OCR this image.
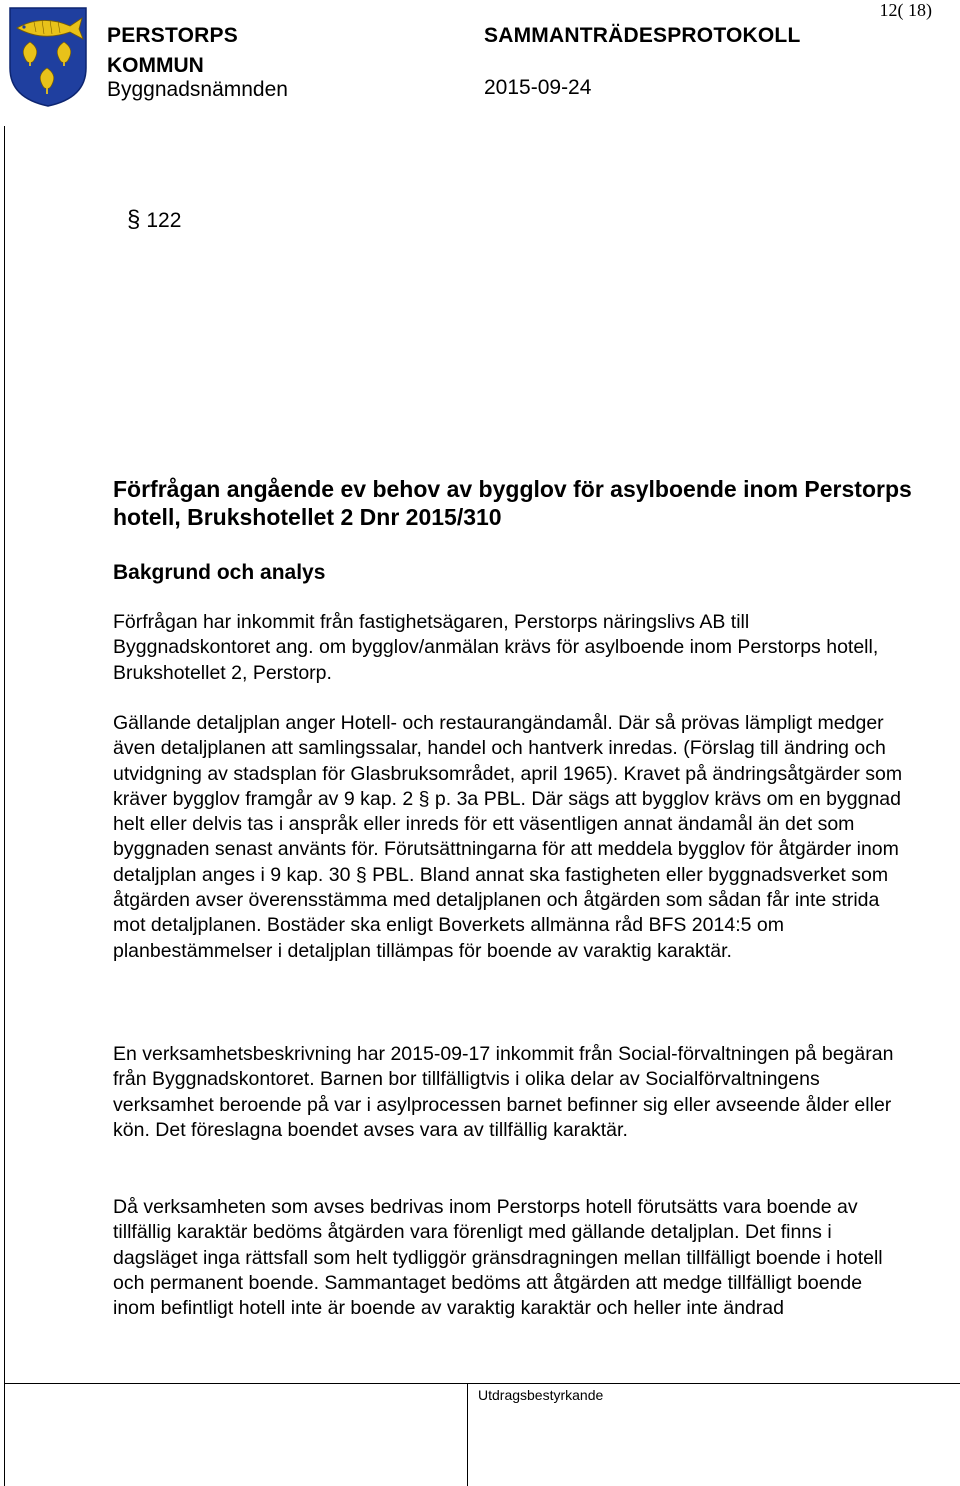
PERSTORPS
KOMMUN
Byggnadsnämnden
SAMMANTRÄDESPROTOKOLL
2015-09-24
12( 18)
§ 122
Förfrågan angående ev behov av bygglov för asylboende inom Perstorps hotell, Brukshotellet 2 Dnr 2015/310
Bakgrund och analys

Förfrågan har inkommit från fastighetsägaren, Perstorps näringslivs AB till Byggnadskontoret ang. om bygglov/anmälan krävs för asylboende inom Perstorps hotell, Brukshotellet 2, Perstorp.

Gällande detaljplan anger Hotell- och restaurangändamål. Där så prövas lämpligt medger även detaljplanen att samlingssalar, handel och hantverk inredas. (Förslag till ändring och utvidgning av stadsplan för Glasbruksområdet, april 1965). Kravet på ändringsåtgärder som kräver bygglov framgår av 9 kap. 2 § p. 3a PBL. Där sägs att bygglov krävs om en byggnad helt eller delvis tas i anspråk eller inreds för ett väsentligen annat ändamål än det som byggnaden senast använts för. Förutsättningarna för att meddela bygglov för åtgärder inom detaljplan anges i 9 kap. 30 § PBL. Bland annat ska fastigheten eller byggnadsverket som åtgärden avser överensstämma med detaljplanen och åtgärden som sådan får inte strida mot detaljplanen. Bostäder ska enligt Boverkets allmänna råd BFS 2014:5 om planbestämmelser i detaljplan tillämpas för boende av varaktig karaktär.

En verksamhetsbeskrivning har 2015-09-17 inkommit från Social-förvaltningen på begäran från Byggnadskontoret. Barnen bor tillfälligtvis i olika delar av Socialförvaltningens verksamhet beroende på var i asylprocessen barnet befinner sig eller avseende ålder eller kön. Det föreslagna boendet avses vara av tillfällig karaktär.

Då verksamheten som avses bedrivas inom Perstorps hotell förutsätts vara boende av tillfällig karaktär bedöms åtgärden vara förenligt med gällande detaljplan. Det finns i dagsläget inga rättsfall som helt tydliggör gränsdragningen mellan tillfälligt boende i hotell och permanent boende. Sammantaget bedöms att åtgärden att medge tillfälligt boende inom befintligt hotell inte är boende av varaktig karaktär och heller inte ändrad

Utdragsbestyrkande
